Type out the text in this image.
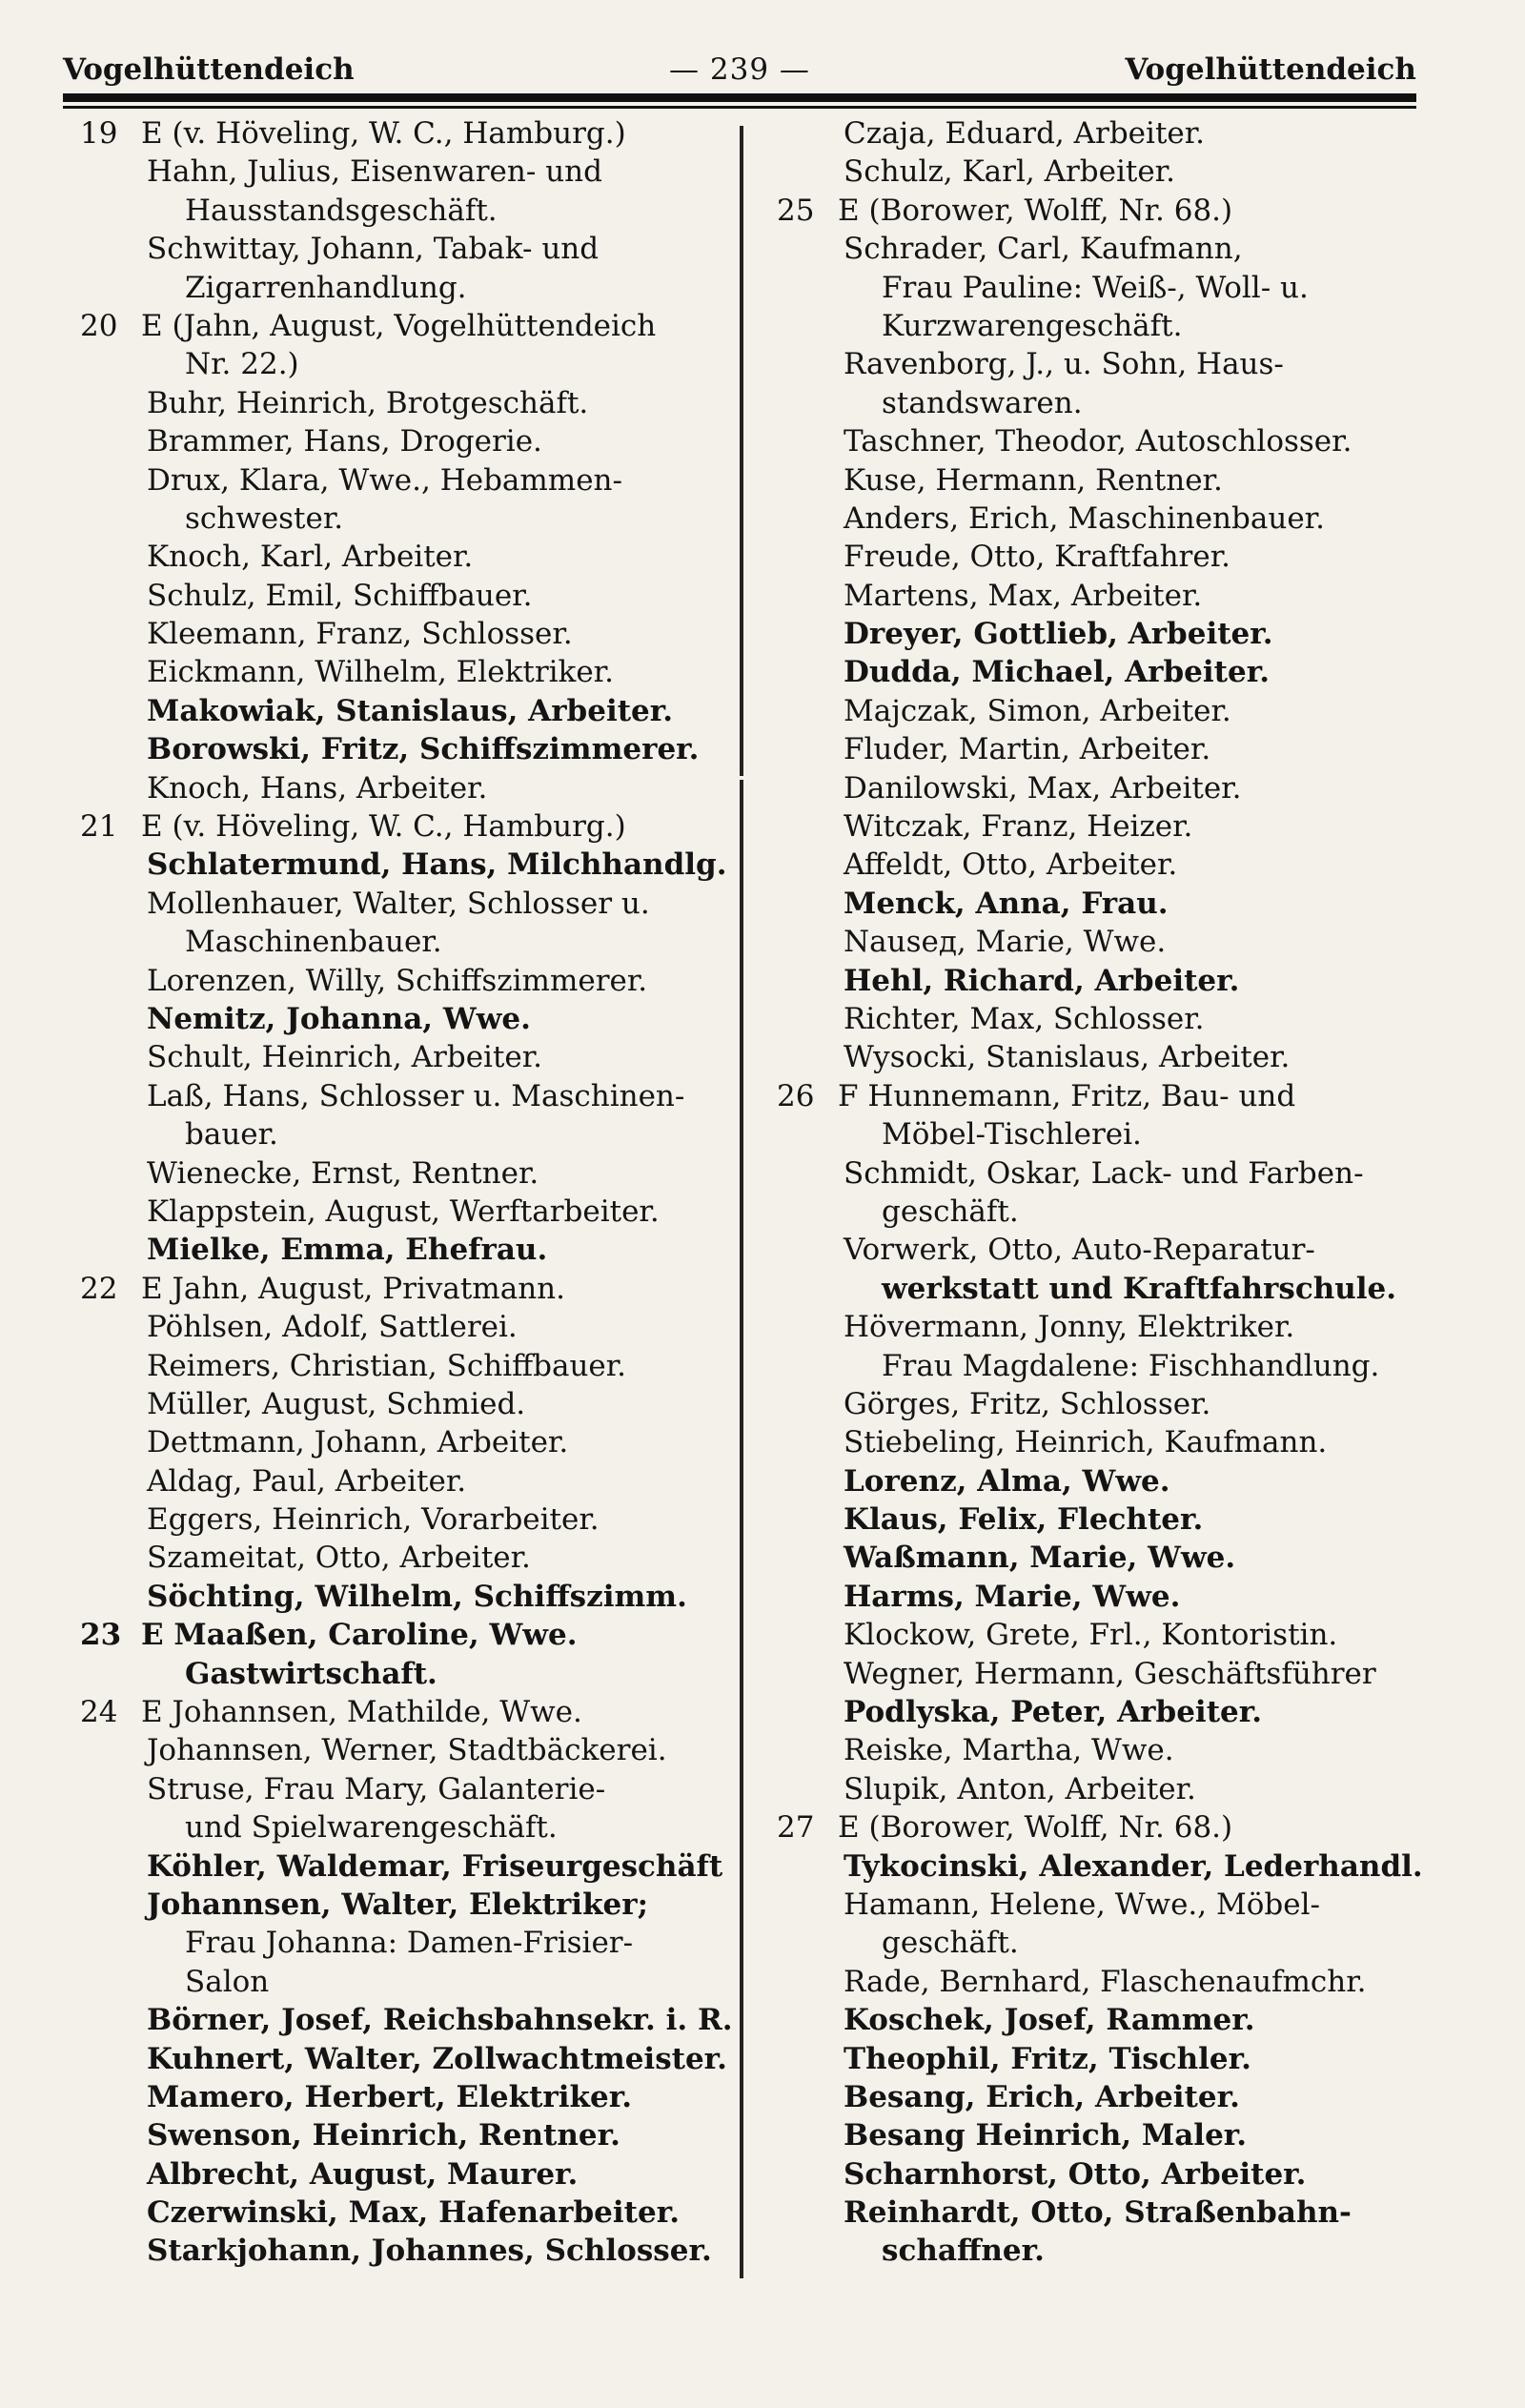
Vogelhüttendeich	— 239 —	Vogelhüttendeich
19 E (v. Höveling, W. C., Hamburg.)
Hahn, Julius, Eisenwaren- und
Hausstandsgeschäft.
Schwittay, Johann, Tabak- und
Zigarrenhandlung.
20 E (Jahn, August, Vogelhüttendeich
Nr. 22.)
Buhr, Heinrich, Brotgeschäft.
Brammer, Hans, Drogerie.
Drux, Klara, Wwe., Hebammen-
schwester.
Knoch, Karl, Arbeiter.
Schulz, Emil, Schiffbauer.
Kleemann, Franz, Schlosser.
Eickmann, Wilhelm, Elektriker.
Makowiak, Stanislaus, Arbeiter.
Borowski, Fritz, Schiffszimmerer.
Knoch, Hans, Arbeiter.
21 E (v. Höveling, W. C., Hamburg.)
Schlatermund, Hans, Milchhandlg.
Mollenhauer, Walter, Schlosser u.
Maschinenbauer.
Lorenzen, Willy, Schiffszimmerer.
Nemitz, Johanna, Wwe.
Schult, Heinrich, Arbeiter.
Laß, Hans, Schlosser u. Maschinen-
bauer.
Wienecke, Ernst, Rentner.
Klappstein, August, Werftarbeiter.
Mielke, Emma, Ehefrau.
22 E Jahn, August, Privatmann.
Pöhlsen, Adolf, Sattlerei.
Reimers, Christian, Schiffbauer.
Müller, August, Schmied.
Dettmann, Johann, Arbeiter.
Aldag, Paul, Arbeiter.
Eggers, Heinrich, Vorarbeiter.
Szameitat, Otto, Arbeiter.
Söchting, Wilhelm, Schiffszimm.
23 E Maaßen, Caroline, Wwe.
Gastwirtschaft.
24 E Johannsen, Mathilde, Wwe.
Johannsen, Werner, Stadtbäckerei.
Struse, Frau Mary, Galanterie-
und Spielwarengeschäft.
Köhler, Waldemar, Friseurgeschäft
Johannsen, Walter, Elektriker;
Frau Johanna: Damen-Frisier-
Salon
Börner, Josef, Reichsbahnsekr. i. R.
Kuhnert, Walter, Zollwachtmeister.
Mamero, Herbert, Elektriker.
Swenson, Heinrich, Rentner.
Albrecht, August, Maurer.
Czerwinski, Max, Hafenarbeiter.
Starkjohann, Johannes, Schlosser.
Czaja, Eduard, Arbeiter.
Schulz, Karl, Arbeiter.
25 E (Borower, Wolff, Nr. 68.)
Schrader, Carl, Kaufmann,
Frau Pauline: Weiß-, Woll- u.
Kurzwarengeschäft.
Ravenborg, J., u. Sohn, Haus-
standswaren.
Taschner, Theodor, Autoschlosser.
Kuse, Hermann, Rentner.
Anders, Erich, Maschinenbauer.
Freude, Otto, Kraftfahrer.
Martens, Max, Arbeiter.
Dreyer, Gottlieb, Arbeiter.
Dudda, Michael, Arbeiter.
Majczak, Simon, Arbeiter.
Fluder, Martin, Arbeiter.
Danilowski, Max, Arbeiter.
Witczak, Franz, Heizer.
Affeldt, Otto, Arbeiter.
Menck, Anna, Frau.
Nauseд, Marie, Wwe.
Hehl, Richard, Arbeiter.
Richter, Max, Schlosser.
Wysocki, Stanislaus, Arbeiter.
26 F Hunnemann, Fritz, Bau- und
Möbel-Tischlerei.
Schmidt, Oskar, Lack- und Farben-
geschäft.
Vorwerk, Otto, Auto-Reparatur-
werkstatt und Kraftfahrschule.
Hövermann, Jonny, Elektriker.
Frau Magdalene: Fischhandlung.
Görges, Fritz, Schlosser.
Stiebeling, Heinrich, Kaufmann.
Lorenz, Alma, Wwe.
Klaus, Felix, Flechter.
Waßmann, Marie, Wwe.
Harms, Marie, Wwe.
Klockow, Grete, Frl., Kontoristin.
Wegner, Hermann, Geschäftsführer
Podlyska, Peter, Arbeiter.
Reiske, Martha, Wwe.
Slupik, Anton, Arbeiter.
27 E (Borower, Wolff, Nr. 68.)
Tykocinski, Alexander, Lederhandl.
Hamann, Helene, Wwe., Möbel-
geschäft.
Rade, Bernhard, Flaschenaufmchr.
Koschek, Josef, Rammer.
Theophil, Fritz, Tischler.
Besang, Erich, Arbeiter.
Besang Heinrich, Maler.
Scharnhorst, Otto, Arbeiter.
Reinhardt, Otto, Straßenbahn-
schaffner.
